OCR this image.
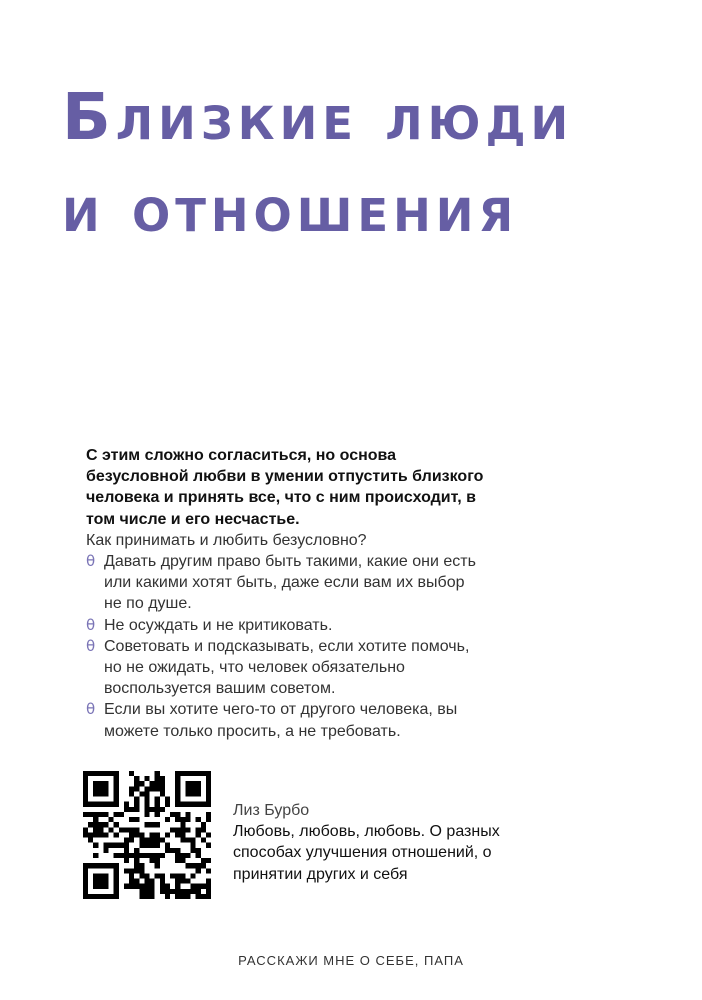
Близкие люди
и отношения

С этим сложно согласиться, но основа безусловной любви в умении отпустить близкого человека и принять все, что с ним происходит, в том числе и его несчастье.

Как принимать и любить безусловно?

θ Давать другим право быть такими, какие они есть или какими хотят быть, даже если вам их выбор не по душе.
θ Не осуждать и не критиковать.
θ Советовать и подсказывать, если хотите помочь, но не ожидать, что человек обязательно воспользуется вашим советом.
θ Если вы хотите чего-то от другого человека, вы можете только просить, а не требовать.
Лиз Бурбо
Любовь, любовь, любовь. О разных способах улучшения отношений, о принятии других и себя
РАССКАЖИ МНЕ О СЕБЕ, ПАПА
